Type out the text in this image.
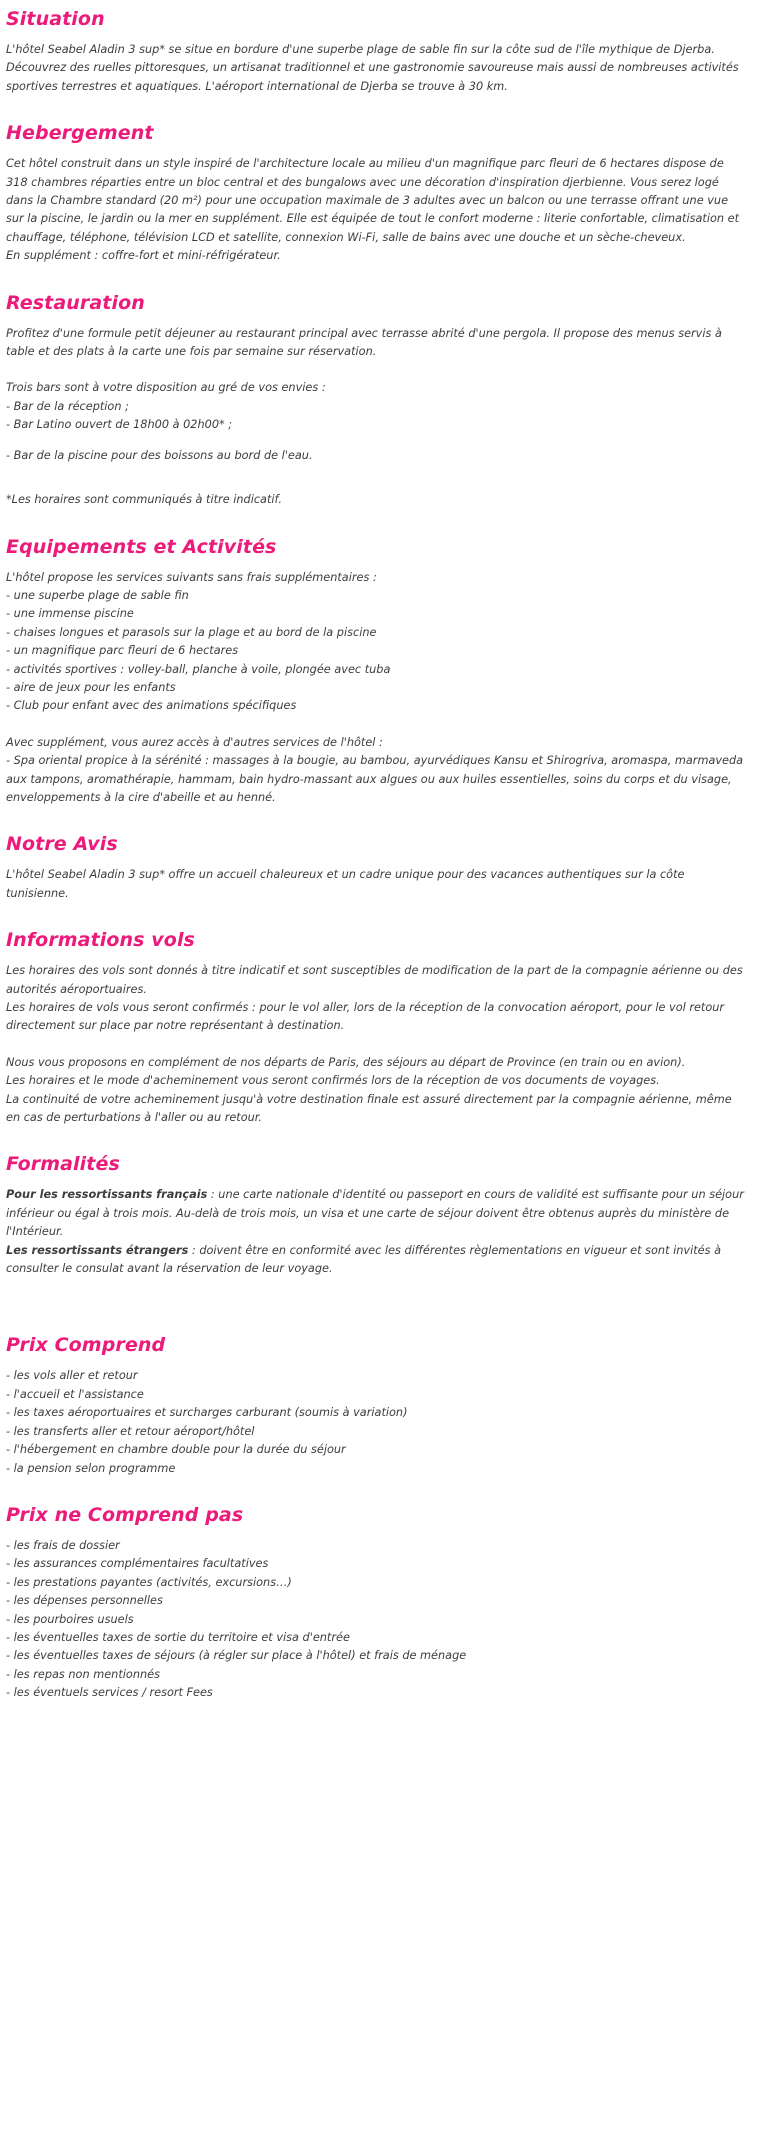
Situation

L'hôtel Seabel Aladin 3 sup* se situe en bordure d'une superbe plage de sable fin sur la côte sud de l'île mythique de Djerba. Découvrez des ruelles pittoresques, un artisanat traditionnel et une gastronomie savoureuse mais aussi de nombreuses activités sportives terrestres et aquatiques. L'aéroport international de Djerba se trouve à 30 km.

Hebergement

Cet hôtel construit dans un style inspiré de l'architecture locale au milieu d'un magnifique parc fleuri de 6 hectares dispose de 318 chambres réparties entre un bloc central et des bungalows avec une décoration d'inspiration djerbienne. Vous serez logé dans la Chambre standard (20 m²) pour une occupation maximale de 3 adultes avec un balcon ou une terrasse offrant une vue sur la piscine, le jardin ou la mer en supplément. Elle est équipée de tout le confort moderne : literie confortable, climatisation et chauffage, téléphone, télévision LCD et satellite, connexion Wi-Fi, salle de bains avec une douche et un sèche-cheveux.

En supplément : coffre-fort et mini-réfrigérateur.

Restauration

Profitez d'une formule petit déjeuner au restaurant principal avec terrasse abrité d'une pergola. Il propose des menus servis à table et des plats à la carte une fois par semaine sur réservation.

Trois bars sont à votre disposition au gré de vos envies :

- Bar de la réception ;

- Bar Latino ouvert de 18h00 à 02h00* ;

- Bar de la piscine pour des boissons au bord de l'eau.

*Les horaires sont communiqués à titre indicatif.

Equipements et Activités

L'hôtel propose les services suivants sans frais supplémentaires :

- une superbe plage de sable fin
- une immense piscine
- chaises longues et parasols sur la plage et au bord de la piscine
- un magnifique parc fleuri de 6 hectares
- activités sportives : volley-ball, planche à voile, plongée avec tuba
- aire de jeux pour les enfants
- Club pour enfant avec des animations spécifiques

Avec supplément, vous aurez accès à d'autres services de l'hôtel :

- Spa oriental propice à la sérénité : massages à la bougie, au bambou, ayurvédiques Kansu et Shirogriva, aromaspa, marmaveda aux tampons, aromathérapie, hammam, bain hydro-massant aux algues ou aux huiles essentielles, soins du corps et du visage, enveloppements à la cire d'abeille et au henné.

Notre Avis

L'hôtel Seabel Aladin 3 sup* offre un accueil chaleureux et un cadre unique pour des vacances authentiques sur la côte tunisienne.

Informations vols

Les horaires des vols sont donnés à titre indicatif et sont susceptibles de modification de la part de la compagnie aérienne ou des autorités aéroportuaires.

Les horaires de vols vous seront confirmés : pour le vol aller, lors de la réception de la convocation aéroport, pour le vol retour directement sur place par notre représentant à destination.

Nous vous proposons en complément de nos départs de Paris, des séjours au départ de Province (en train ou en avion).

Les horaires et le mode d'acheminement vous seront confirmés lors de la réception de vos documents de voyages.

La continuité de votre acheminement jusqu'à votre destination finale est assuré directement par la compagnie aérienne, même en cas de perturbations à l'aller ou au retour.

Formalités

Pour les ressortissants français : une carte nationale d'identité ou passeport en cours de validité est suffisante pour un séjour inférieur ou égal à trois mois. Au-delà de trois mois, un visa et une carte de séjour doivent être obtenus auprès du ministère de l'Intérieur.

Les ressortissants étrangers : doivent être en conformité avec les différentes règlementations en vigueur et sont invités à consulter le consulat avant la réservation de leur voyage.

Prix Comprend
- les vols aller et retour
- l'accueil et l'assistance
- les taxes aéroportuaires et surcharges carburant (soumis à variation)
- les transferts aller et retour aéroport/hôtel
- l'hébergement en chambre double pour la durée du séjour
- la pension selon programme
Prix ne Comprend pas
- les frais de dossier
- les assurances complémentaires facultatives
- les prestations payantes (activités, excursions…)
- les dépenses personnelles
- les pourboires usuels
- les éventuelles taxes de sortie du territoire et visa d'entrée
- les éventuelles taxes de séjours (à régler sur place à l'hôtel) et frais de ménage
- les repas non mentionnés
- les éventuels services / resort Fees
